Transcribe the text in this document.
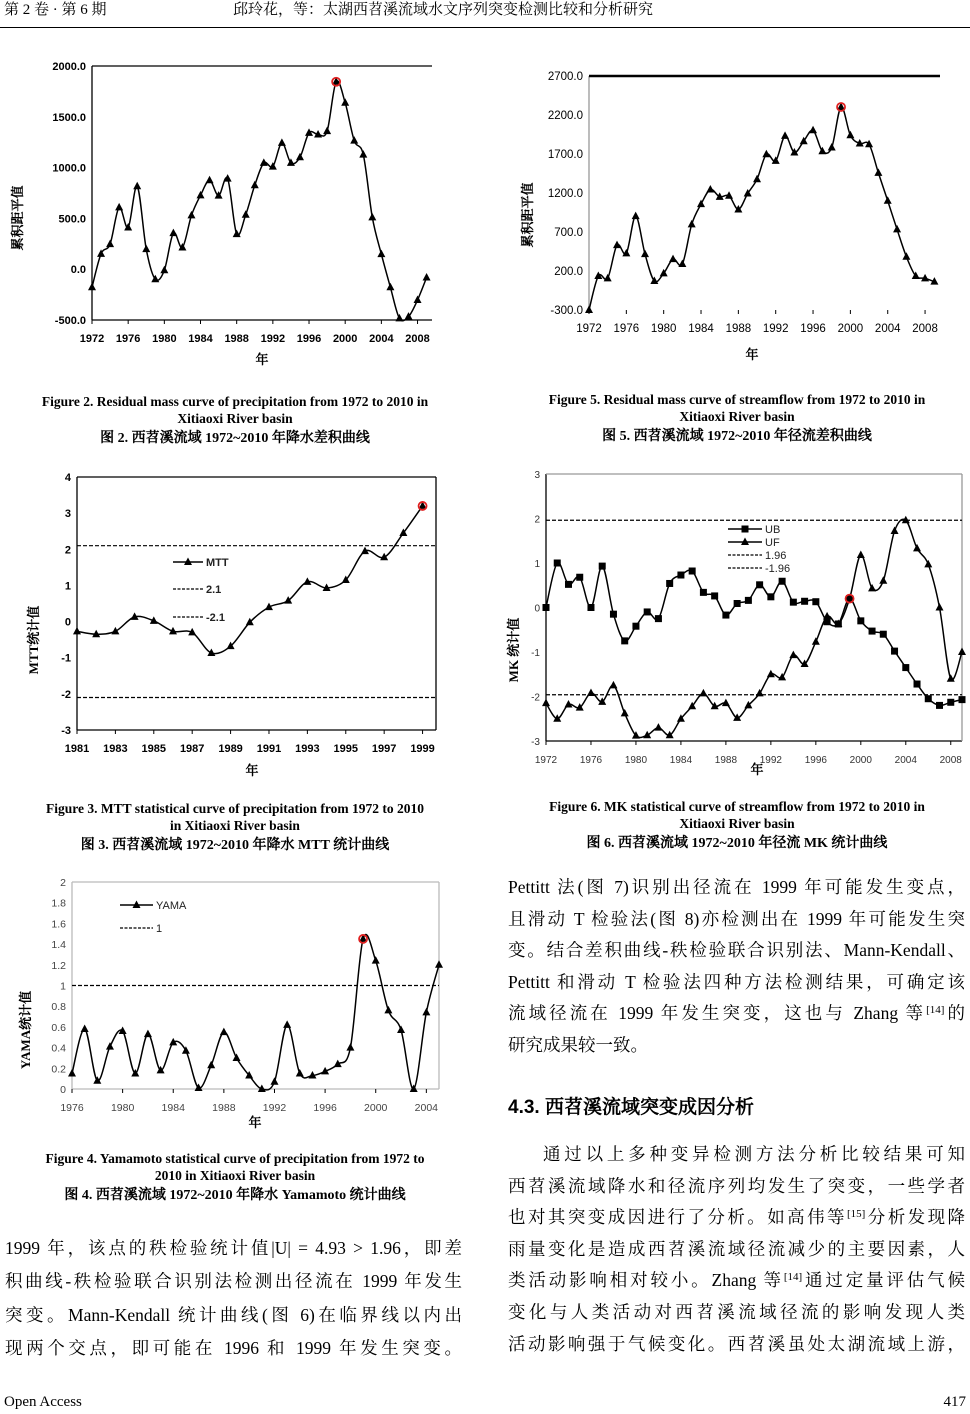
第 2 卷 · 第 6 期	邱玲花，等：太湖西苕溪流域水文序列突变检测比较和分析研究
-500.0
0.0
500.0
1000.0
1500.0
2000.0
1972 1976 1980 1984 1988 1992 1996 2000 2004 2008
年
累积距平值
-300.0
200.0
700.0
1200.0
1700.0
2200.0
2700.0
1972 1976 1980 1984 1988 1992 1996 2000 2004 2008
年
累积距平值
-3
-2
-1
0
1
2
3
4
1981 1983 1985 1987 1989 1991 1993 1995 1997 1999
年
MTT统计值
MTT
2.1
-2.1
-3
-2
-1
0
1
2
3
1972 1976 1980 1984 1988 1992 1996 2000 2004 2008
年
MK 统计值
UB
UF
1.96
-1.96
0
0.2
0.4
0.6
0.8
1
1.2
1.4
1.6
1.8
2
1976	1980	1984	1988	1992	1996	2000	2004
年
YAMA统计值
YAMA
1
Figure 2. Residual mass curve of precipitation from 1972 to 2010 in
Xitiaoxi River basin
图 2. 西苕溪流域 1972~2010 年降水差积曲线
Figure 5. Residual mass curve of streamflow from 1972 to 2010 in
Xitiaoxi River basin
图 5. 西苕溪流域 1972~2010 年径流差积曲线
Figure 3. MTT statistical curve of precipitation from 1972 to 2010
in Xitiaoxi River basin
图 3. 西苕溪流域 1972~2010 年降水 MTT 统计曲线
Figure 6. MK statistical curve of streamflow from 1972 to 2010 in
Xitiaoxi River basin
图 6. 西苕溪流域 1972~2010 年径流 MK 统计曲线
Figure 4. Yamamoto statistical curve of precipitation from 1972 to
2010 in Xitiaoxi River basin
图 4. 西苕溪流域 1972~2010 年降水 Yamamoto 统计曲线
1999 年，该点的秩检验统计值|U| = 4.93 > 1.96，即差
积曲线-秩检验联合识别法检测出径流在 1999 年发生
突变。Mann-Kendall 统计曲线(图 6)在临界线以内出
现两个交点，即可能在 1996 和 1999 年发生突变。
Pettitt 法(图 7)识别出径流在 1999 年可能发生变点，
且滑动 T 检验法(图 8)亦检测出在 1999 年可能发生突
变。结合差积曲线-秩检验联合识别法、Mann-Kendall、
Pettitt 和滑动 T 检验法四种方法检测结果，可确定该
流域径流在 1999 年发生突变，这也与 Zhang 等[14]的
研究成果较一致。
4.3. 西苕溪流域突变成因分析
通过以上多种变异检测方法分析比较结果可知
西苕溪流域降水和径流序列均发生了突变，一些学者
也对其突变成因进行了分析。如高伟等[15]分析发现降
雨量变化是造成西苕溪流域径流减少的主要因素，人
类活动影响相对较小。Zhang 等[14]通过定量评估气候
变化与人类活动对西苕溪流域径流的影响发现人类
活动影响强于气候变化。西苕溪虽处太湖流域上游，
Open Access	417
